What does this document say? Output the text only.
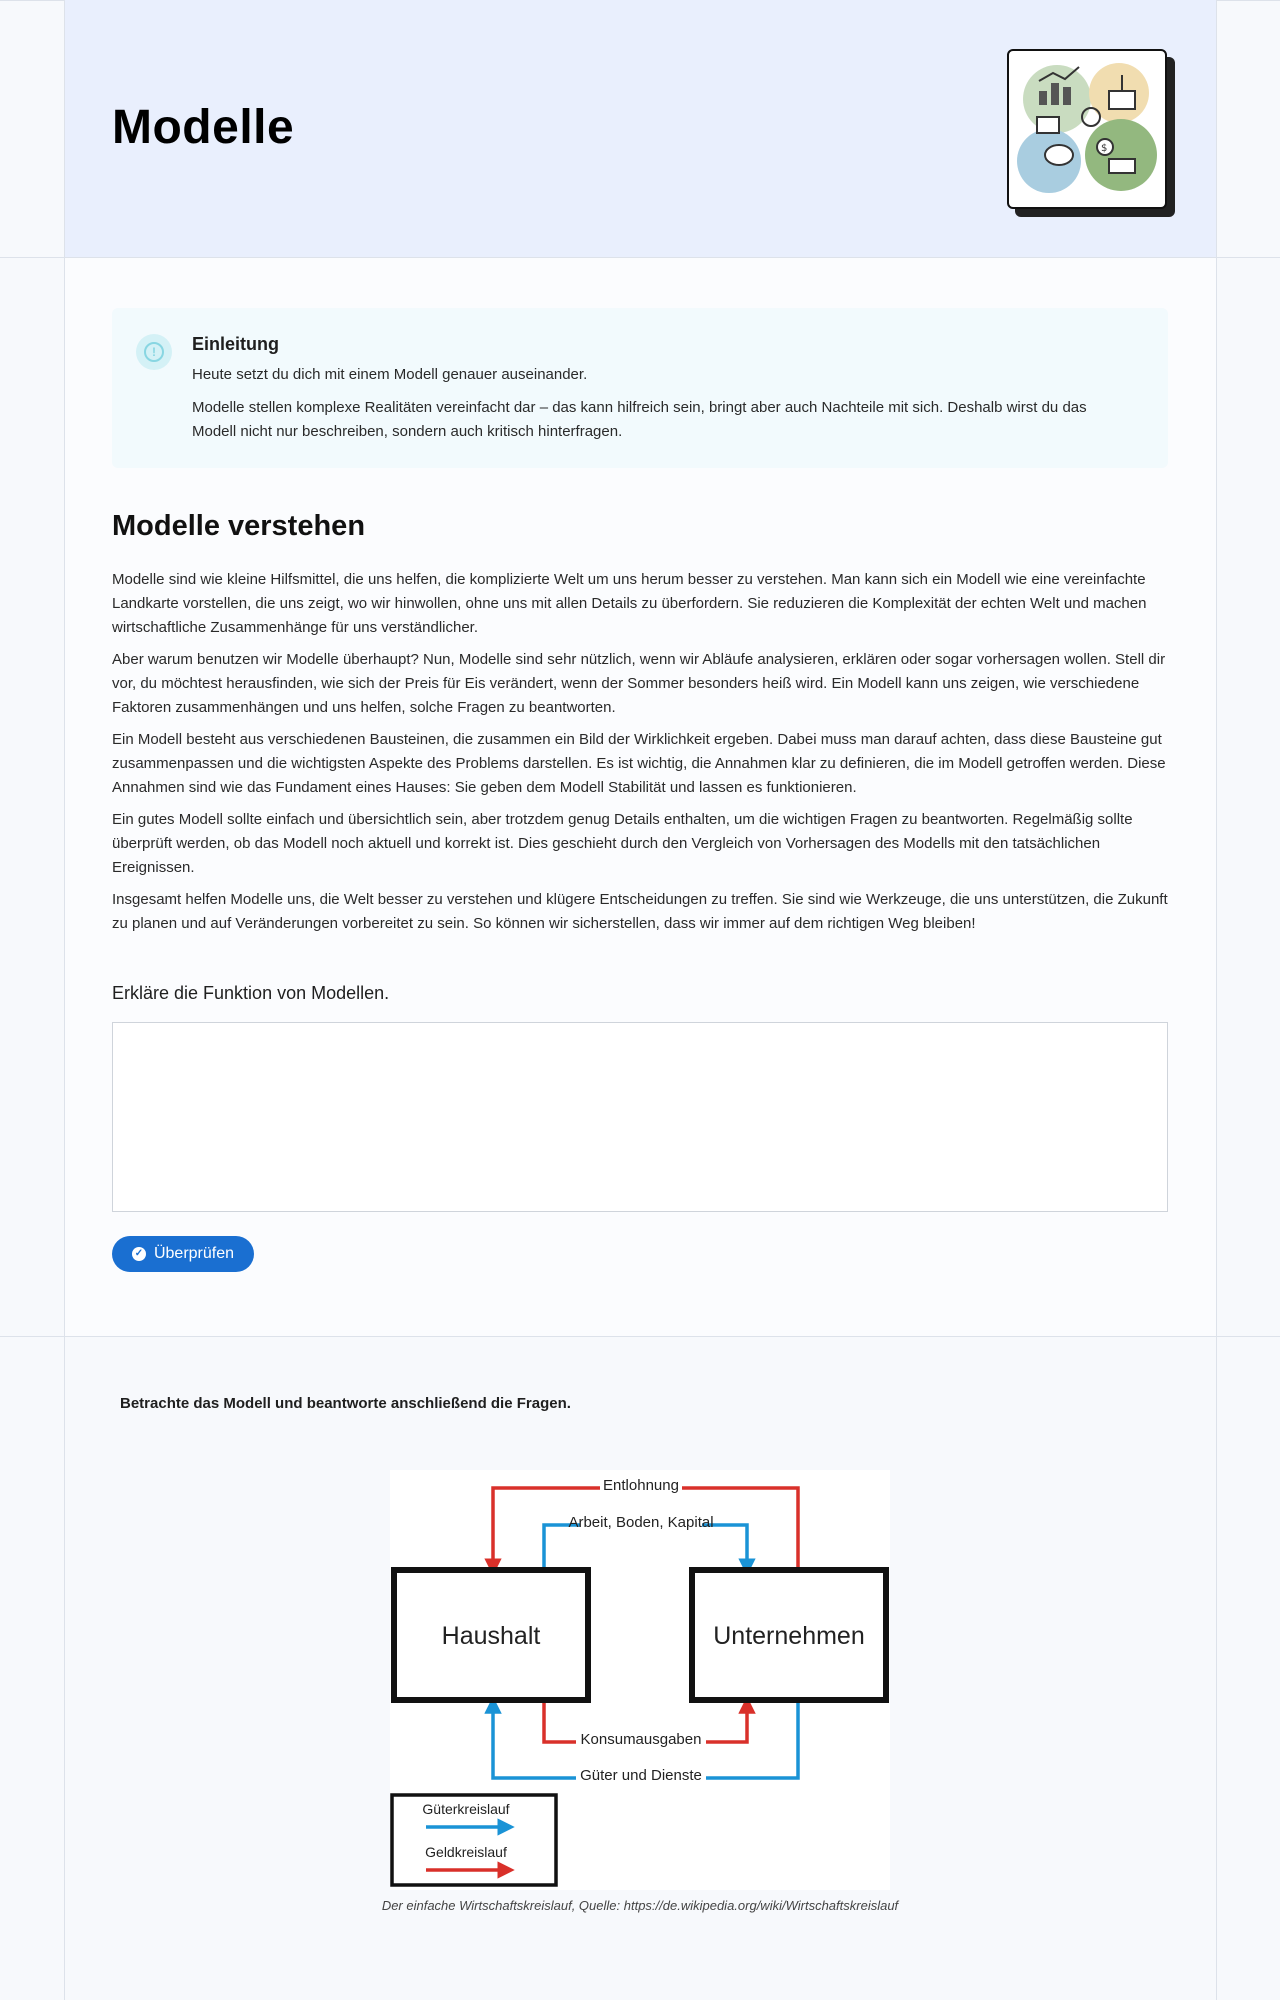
Modelle	$
!	Einleitung
Heute setzt du dich mit einem Modell genauer auseinander.
Modelle stellen komplexe Realitäten vereinfacht dar – das kann hilfreich sein, bringt aber auch Nachteile mit sich. Deshalb wirst du das Modell nicht nur beschreiben, sondern auch kritisch hinterfragen.
Modelle verstehen

Modelle sind wie kleine Hilfsmittel, die uns helfen, die komplizierte Welt um uns herum besser zu verstehen. Man kann sich ein Modell wie eine vereinfachte Landkarte vorstellen, die uns zeigt, wo wir hinwollen, ohne uns mit allen Details zu überfordern. Sie reduzieren die Komplexität der echten Welt und machen wirtschaftliche Zusammenhänge für uns verständlicher.

Aber warum benutzen wir Modelle überhaupt? Nun, Modelle sind sehr nützlich, wenn wir Abläufe analysieren, erklären oder sogar vorhersagen wollen. Stell dir vor, du möchtest herausfinden, wie sich der Preis für Eis verändert, wenn der Sommer besonders heiß wird. Ein Modell kann uns zeigen, wie verschiedene Faktoren zusammenhängen und uns helfen, solche Fragen zu beantworten.

Ein Modell besteht aus verschiedenen Bausteinen, die zusammen ein Bild der Wirklichkeit ergeben. Dabei muss man darauf achten, dass diese Bausteine gut zusammenpassen und die wichtigsten Aspekte des Problems darstellen. Es ist wichtig, die Annahmen klar zu definieren, die im Modell getroffen werden. Diese Annahmen sind wie das Fundament eines Hauses: Sie geben dem Modell Stabilität und lassen es funktionieren.

Ein gutes Modell sollte einfach und übersichtlich sein, aber trotzdem genug Details enthalten, um die wichtigen Fragen zu beantworten. Regelmäßig sollte überprüft werden, ob das Modell noch aktuell und korrekt ist. Dies geschieht durch den Vergleich von Vorhersagen des Modells mit den tatsächlichen Ereignissen.

Insgesamt helfen Modelle uns, die Welt besser zu verstehen und klügere Entscheidungen zu treffen. Sie sind wie Werkzeuge, die uns unterstützen, die Zukunft zu planen und auf Veränderungen vorbereitet zu sein. So können wir sicherstellen, dass wir immer auf dem richtigen Weg bleiben!

Erkläre die Funktion von Modellen.
✓ Überprüfen
Betrachte das Modell und beantworte anschließend die Fragen.
Entlohnung
Arbeit, Boden, Kapital
Konsumausgaben
Güter und Dienste
Haushalt	Unternehmen
Güterkreislauf
Geldkreislauf
Der einfache Wirtschaftskreislauf, Quelle: https://de.wikipedia.org/wiki/Wirtschaftskreislauf
